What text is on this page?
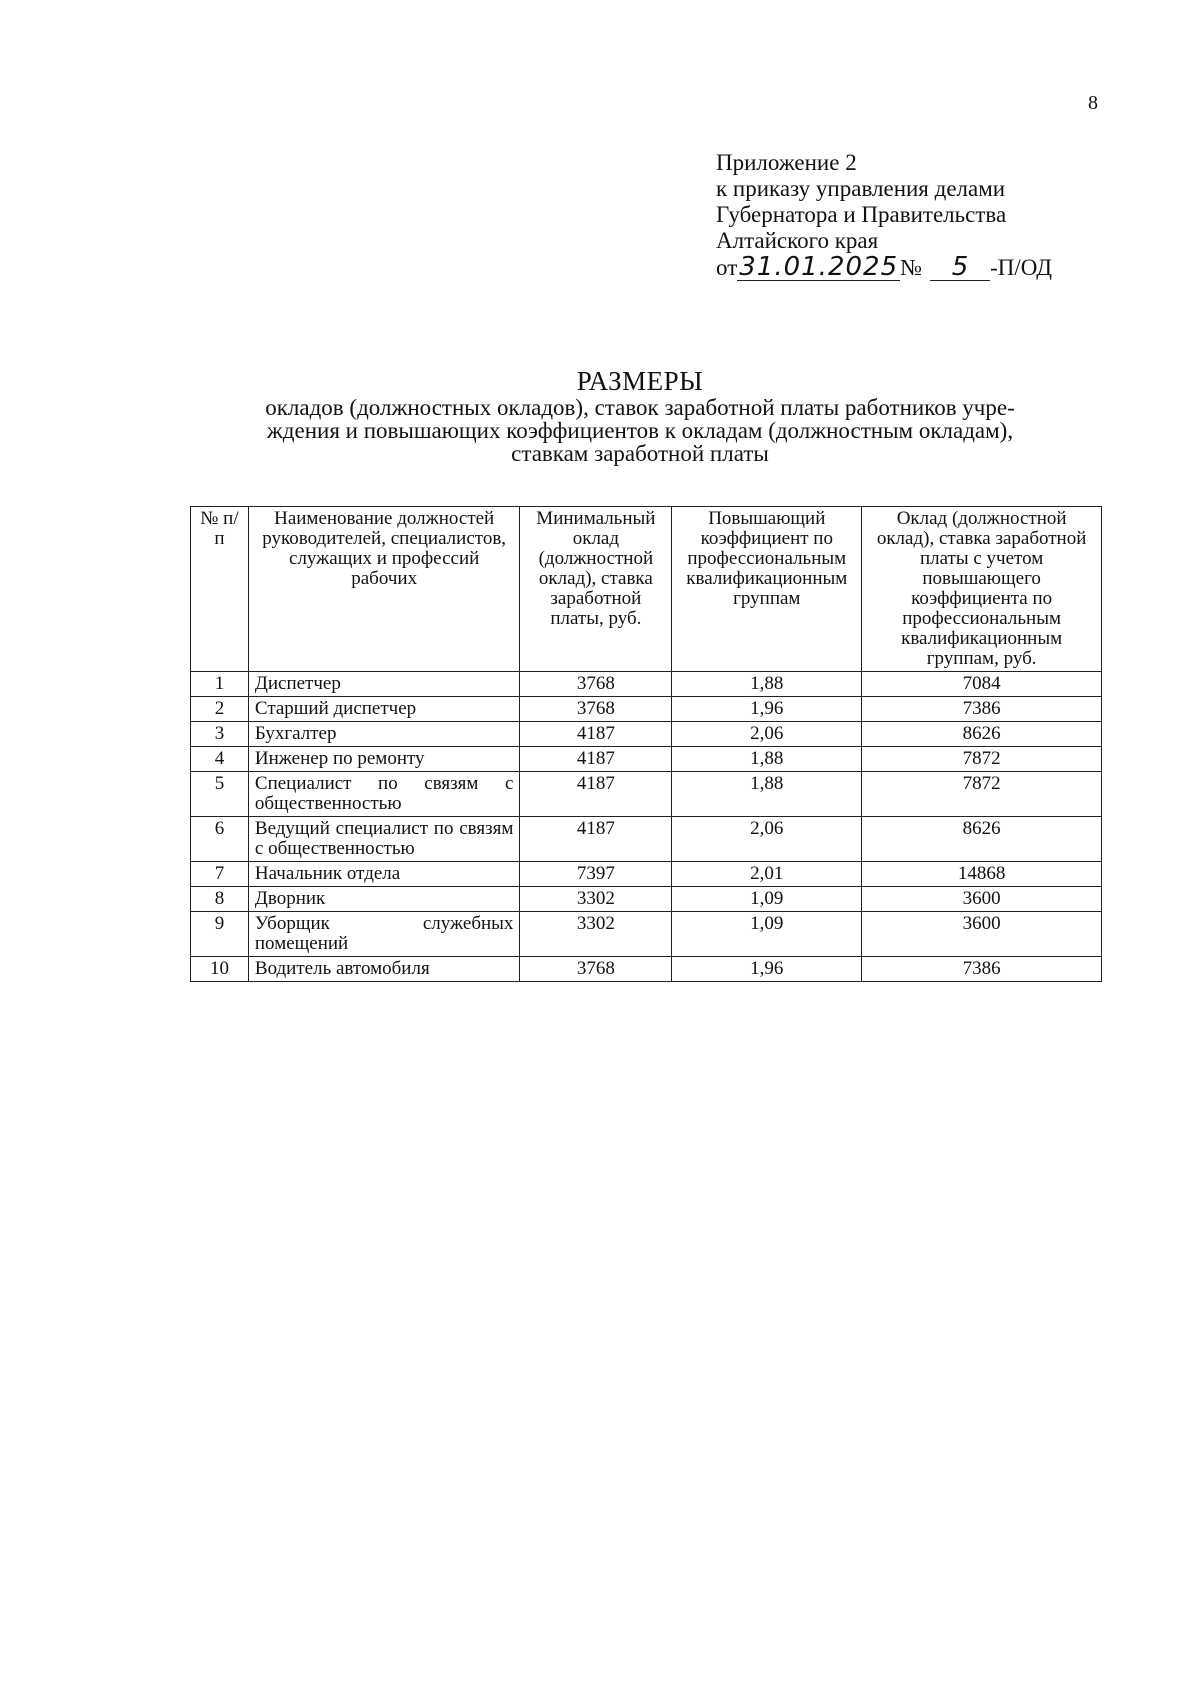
8
Приложение 2
к приказу управления делами
Губернатора и Правительства
Алтайского края
от 31.01.2025 №	5 -П/ОД
РАЗМЕРЫ
окладов (должностных окладов), ставок заработной платы работников учре-
ждения и повышающих коэффициентов к окладам (должностным окладам),
ставкам заработной платы
№ п/п	Наименование должностей руководителей, специалистов, служащих и профессий рабочих	Минимальный оклад (должностной оклад), ставка заработной платы, руб.	Повышающий коэффициент по профессиональным квалификационным группам	Оклад (должностной оклад), ставка заработной платы с учетом повышающего коэффициента по профессиональным квалификационным группам, руб.
1	Диспетчер	3768	1,88	7084
2	Старший диспетчер	3768	1,96	7386
3	Бухгалтер	4187	2,06	8626
4	Инженер по ремонту	4187	1,88	7872
5	Специалист по связям с общественностью	4187	1,88	7872
6	Ведущий специалист по связям с общественностью	4187	2,06	8626
7	Начальник отдела	7397	2,01	14868
8	Дворник	3302	1,09	3600
9	Уборщик служебных помещений	3302	1,09	3600
10	Водитель автомобиля	3768	1,96	7386
